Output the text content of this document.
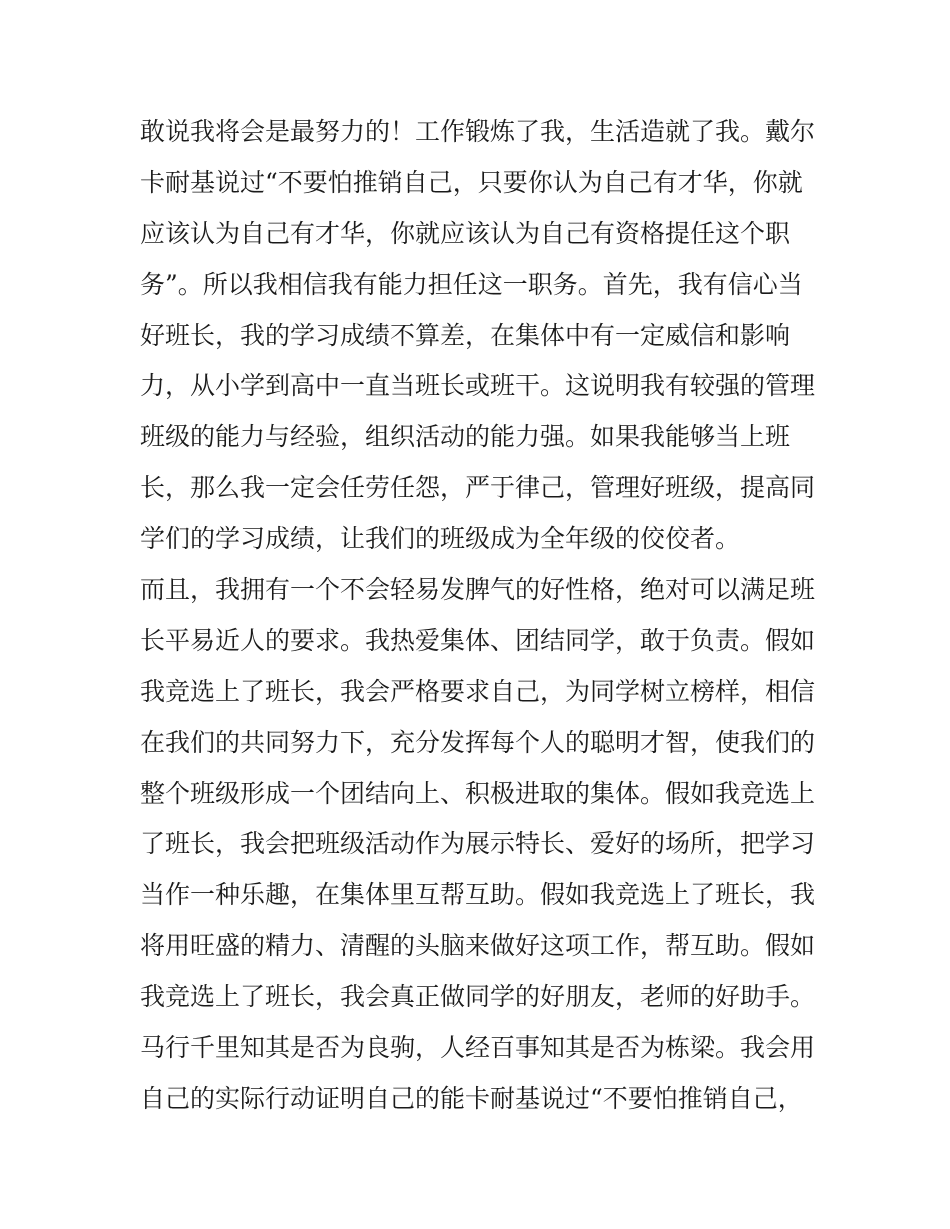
敢说我将会是最努力的！工作锻炼了我，生活造就了我。戴尔
卡耐基说过“不要怕推销自己，只要你认为自己有才华，你就
应该认为自己有才华，你就应该认为自己有资格提任这个职
务”。所以我相信我有能力担任这一职务。首先，我有信心当
好班长，我的学习成绩不算差，在集体中有一定威信和影响
力，从小学到高中一直当班长或班干。这说明我有较强的管理
班级的能力与经验，组织活动的能力强。如果我能够当上班
长，那么我一定会任劳任怨，严于律己，管理好班级，提高同
学们的学习成绩，让我们的班级成为全年级的佼佼者。
而且，我拥有一个不会轻易发脾气的好性格，绝对可以满足班
长平易近人的要求。我热爱集体、团结同学，敢于负责。假如
我竞选上了班长，我会严格要求自己，为同学树立榜样，相信
在我们的共同努力下，充分发挥每个人的聪明才智，使我们的
整个班级形成一个团结向上、积极进取的集体。假如我竞选上
了班长，我会把班级活动作为展示特长、爱好的场所，把学习
当作一种乐趣，在集体里互帮互助。假如我竞选上了班长，我
将用旺盛的精力、清醒的头脑来做好这项工作，帮互助。假如
我竞选上了班长，我会真正做同学的好朋友，老师的好助手。
马行千里知其是否为良驹，人经百事知其是否为栋梁。我会用
自己的实际行动证明自己的能卡耐基说过“不要怕推销自己，
